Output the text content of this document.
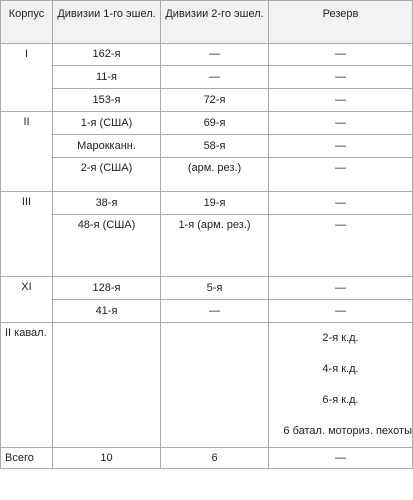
Корпус	Дивизии 1-го эшел.	Дивизии 2-го эшел.	Резерв
I	162-я	—	—
	11-я	—	—
	153-я	72-я	—
II	1-я (США)	69-я	—
	Марокканн.	58-я	—
	2-я (США)	(арм. рез.)	—
III	38-я	19-я	—
	48-я (США)	1-я (арм. рез.)	—
XI	128-я	5-я	—
	41-я	—	—
II кавал.			2-я к.д.
4-я к.д.
6-я к.д.
6 батал. моториз. пехоты

Всего	10	6	—
